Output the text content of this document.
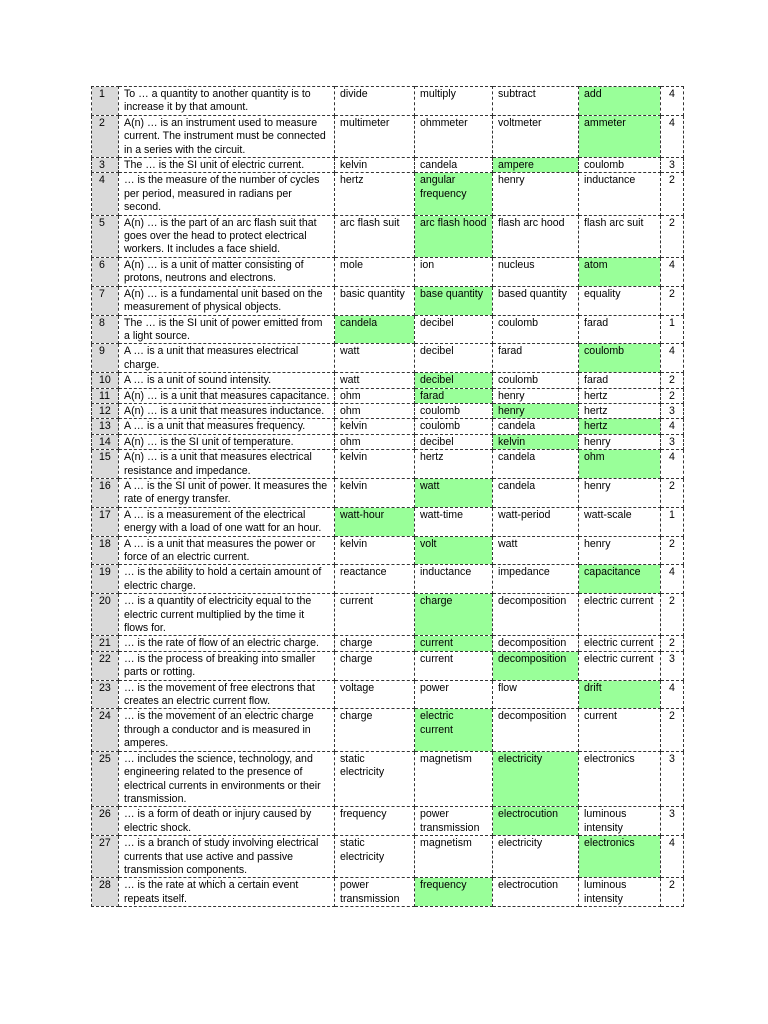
1	To … a quantity to another quantity is to increase it by that amount.	divide	multiply	subtract	add	4
2	A(n) … is an instrument used to measure current. The instrument must be connected in a series with the circuit.	multimeter	ohmmeter	voltmeter	ammeter	4
3	The … is the SI unit of electric current.	kelvin	candela	ampere	coulomb	3
4	… is the measure of the number of cycles per period, measured in radians per second.	hertz	angular frequency	henry	inductance	2
5	A(n) … is the part of an arc flash suit that goes over the head to protect electrical workers. It includes a face shield.	arc flash suit	arc flash hood	flash arc hood	flash arc suit	2
6	A(n) … is a unit of matter consisting of protons, neutrons and electrons.	mole	ion	nucleus	atom	4
7	A(n) … is a fundamental unit based on the measurement of physical objects.	basic quantity	base quantity	based quantity	equality	2
8	The … is the SI unit of power emitted from a light source.	candela	decibel	coulomb	farad	1
9	A … is a unit that measures electrical charge.	watt	decibel	farad	coulomb	4
10	A … is a unit of sound intensity.	watt	decibel	coulomb	farad	2
11	A(n) … is a unit that measures capacitance.	ohm	farad	henry	hertz	2
12	A(n) … is a unit that measures inductance.	ohm	coulomb	henry	hertz	3
13	A … is a unit that measures frequency.	kelvin	coulomb	candela	hertz	4
14	A(n) … is the SI unit of temperature.	ohm	decibel	kelvin	henry	3
15	A(n) … is a unit that measures electrical resistance and impedance.	kelvin	hertz	candela	ohm	4
16	A … is the SI unit of power. It measures the rate of energy transfer.	kelvin	watt	candela	henry	2
17	A … is a measurement of the electrical energy with a load of one watt for an hour.	watt-hour	watt-time	watt-period	watt-scale	1
18	A … is a unit that measures the power or force of an electric current.	kelvin	volt	watt	henry	2
19	… is the ability to hold a certain amount of electric charge.	reactance	inductance	impedance	capacitance	4
20	… is a quantity of electricity equal to the electric current multiplied by the time it flows for.	current	charge	decomposition	electric current	2
21	… is the rate of flow of an electric charge.	charge	current	decomposition	electric current	2
22	… is the process of breaking into smaller parts or rotting.	charge	current	decomposition	electric current	3
23	… is the movement of free electrons that creates an electric current flow.	voltage	power	flow	drift	4
24	… is the movement of an electric charge through a conductor and is measured in amperes.	charge	electric current	decomposition	current	2
25	… includes the science, technology, and engineering related to the presence of electrical currents in environments or their transmission.	static electricity	magnetism	electricity	electronics	3
26	… is a form of death or injury caused by electric shock.	frequency	power transmission	electrocution	luminous intensity	3
27	… is a branch of study involving electrical currents that use active and passive transmission components.	static electricity	magnetism	electricity	electronics	4
28	… is the rate at which a certain event repeats itself.	power transmission	frequency	electrocution	luminous intensity	2
